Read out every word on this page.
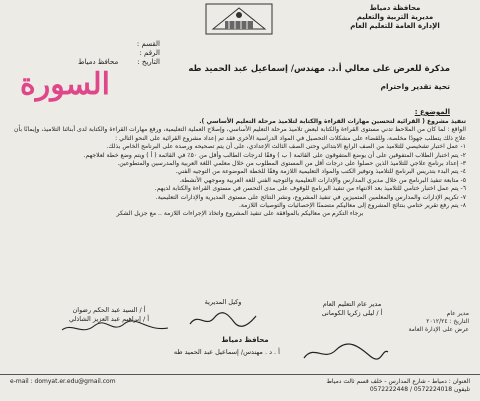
محافظة دمياط
مديرية التربية والتعليم
الإدارة العامة للتعليم العام
القسم :
الرقم :
التاريخ :
محافظ دمياط
السورة	مذكرة للعرض على معالي أ.د. مهندس/ إسماعيل عبد الحميد طه
تحية تقدير واحترام
الموضوع :

تنفيذ مشروع ( القرائية لتحسين مهارات القراءة والكتابة لتلاميذ مرحلة التعليم الأساسي ).

الواقع : لما كان من الملاحظ تدني مستوى القراءة والكتابة لبعض تلاميذ مرحلة التعليم الأساسي، وإصلاح العملية التعليمية، ورفع مهارات القراءة والكتابة لدى أبنائنا التلاميذ، وإيمانًا بأن علاج ذلك يتطلب جهودًا مخلصة، وللقضاء على مشكلات التحصيل في المواد الدراسية الأخرى فقد تم إعداد مشروع القرائية على النحو التالي :

١- عمل اختبار تشخيصي للتلاميذ من الصف الرابع الابتدائي وحتى الصف الثالث الإعدادي، على أن يتم تصحيحه ورصده على البرنامج الخاص بذلك.

٢- يتم اختبار الطلاب المتفوقين على أن يوضع المتفوقون على القائمة ( ب ) وفقًا لدرجات الطالب وأقل من ٥٠٪ في القائمة ( أ ) ويتم وضع خطة لعلاجهم.

٣- إعداد برنامج علاجي للتلاميذ الذين حصلوا على درجات أقل من المستوى المطلوب من خلال معلمي اللغة العربية والمدرسين والمتطوعين.

٤- يتم البدء بتدريس البرنامج للتلاميذ وتوفير الكتب والمواد التعليمية اللازمة وفقًا للخطة الموضوعة من التوجيه الفني.

٥- متابعة تنفيذ البرنامج من خلال مديري المدارس والإدارات التعليمية والتوجيه الفني للغة العربية وموجهي الأنشطة.

٦- يتم عمل اختبار ختامي للتلاميذ بعد الانتهاء من تنفيذ البرنامج للوقوف على مدى التحسن في مستوى القراءة والكتابة لديهم.

٧- تكريم الإدارات والمدارس والمعلمين المتميزين في تنفيذ المشروع، ونشر النتائج على مستوى المديرية والإدارات التعليمية.

٨- يتم رفع تقرير ختامي بنتائج المشروع إلى معاليكم متضمنًا الإحصائيات والتوصيات اللازمة.

برجاء التكرم من معاليكم بالموافقة على تنفيذ المشروع واتخاذ الإجراءات اللازمة .. مع جزيل الشكر

مدير عام التعليم العام
أ / ليلى زكريا الكومانى
وكيل المديرية
أ / السيد عبد الحكم رضوان
أ / إبراهيم عبد العزيز الشاذلي
مدير عام
التاريخ : ٢٠١٢/٢٤
عرض على الإدارة العامة
محافظ دمياط
أ . د . مهندس/ إسماعيل عبد الحميد طه
العنوان : دمياط - شارع المدارس - خلف قسم ثالث دمياط
تليفون 0572224018 / 0572222448
e-mail : domyat.er.edu@gmail.com
